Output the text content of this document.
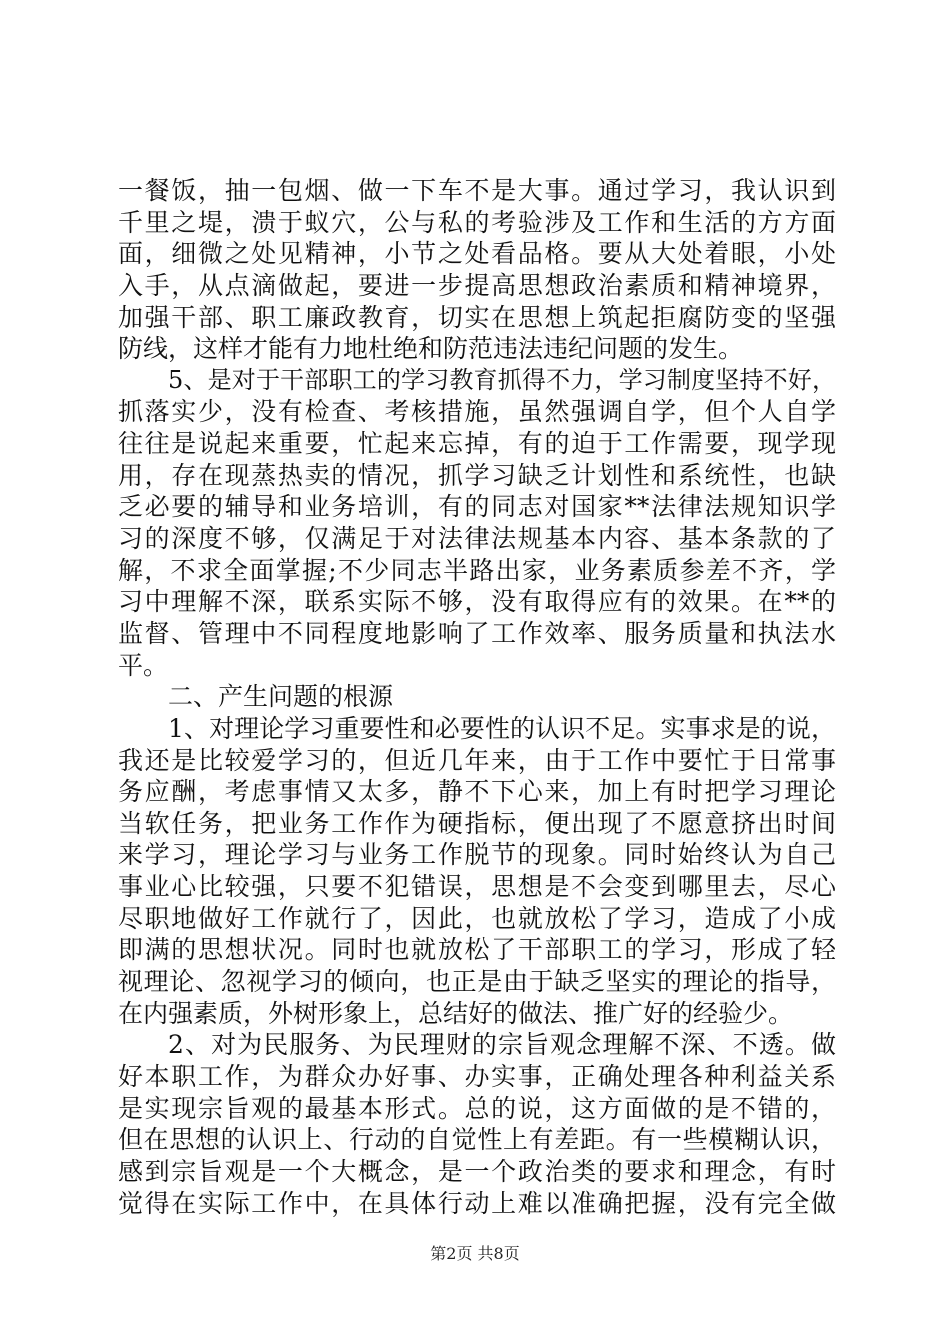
一餐饭，抽一包烟、做一下车不是大事。通过学习，我认识到
千里之堤，溃于蚁穴，公与私的考验涉及工作和生活的方方面
面，细微之处见精神，小节之处看品格。要从大处着眼，小处
入手，从点滴做起，要进一步提高思想政治素质和精神境界，
加强干部、职工廉政教育，切实在思想上筑起拒腐防变的坚强
防线，这样才能有力地杜绝和防范违法违纪问题的发生。
5、是对于干部职工的学习教育抓得不力，学习制度坚持不好，
抓落实少，没有检查、考核措施，虽然强调自学，但个人自学
往往是说起来重要，忙起来忘掉，有的迫于工作需要，现学现
用，存在现蒸热卖的情况，抓学习缺乏计划性和系统性，也缺
乏必要的辅导和业务培训，有的同志对国家**法律法规知识学
习的深度不够，仅满足于对法律法规基本内容、基本条款的了
解，不求全面掌握;不少同志半路出家，业务素质参差不齐，学
习中理解不深，联系实际不够，没有取得应有的效果。在**的
监督、管理中不同程度地影响了工作效率、服务质量和执法水
平。
二、产生问题的根源
1、对理论学习重要性和必要性的认识不足。实事求是的说，
我还是比较爱学习的，但近几年来，由于工作中要忙于日常事
务应酬，考虑事情又太多，静不下心来，加上有时把学习理论
当软任务，把业务工作作为硬指标，便出现了不愿意挤出时间
来学习，理论学习与业务工作脱节的现象。同时始终认为自己
事业心比较强，只要不犯错误，思想是不会变到哪里去，尽心
尽职地做好工作就行了，因此，也就放松了学习，造成了小成
即满的思想状况。同时也就放松了干部职工的学习，形成了轻
视理论、忽视学习的倾向，也正是由于缺乏坚实的理论的指导，
在内强素质，外树形象上，总结好的做法、推广好的经验少。
2、对为民服务、为民理财的宗旨观念理解不深、不透。做
好本职工作，为群众办好事、办实事，正确处理各种利益关系
是实现宗旨观的最基本形式。总的说，这方面做的是不错的，
但在思想的认识上、行动的自觉性上有差距。有一些模糊认识，
感到宗旨观是一个大概念，是一个政治类的要求和理念，有时
觉得在实际工作中，在具体行动上难以准确把握，没有完全做
第2页 共8页
